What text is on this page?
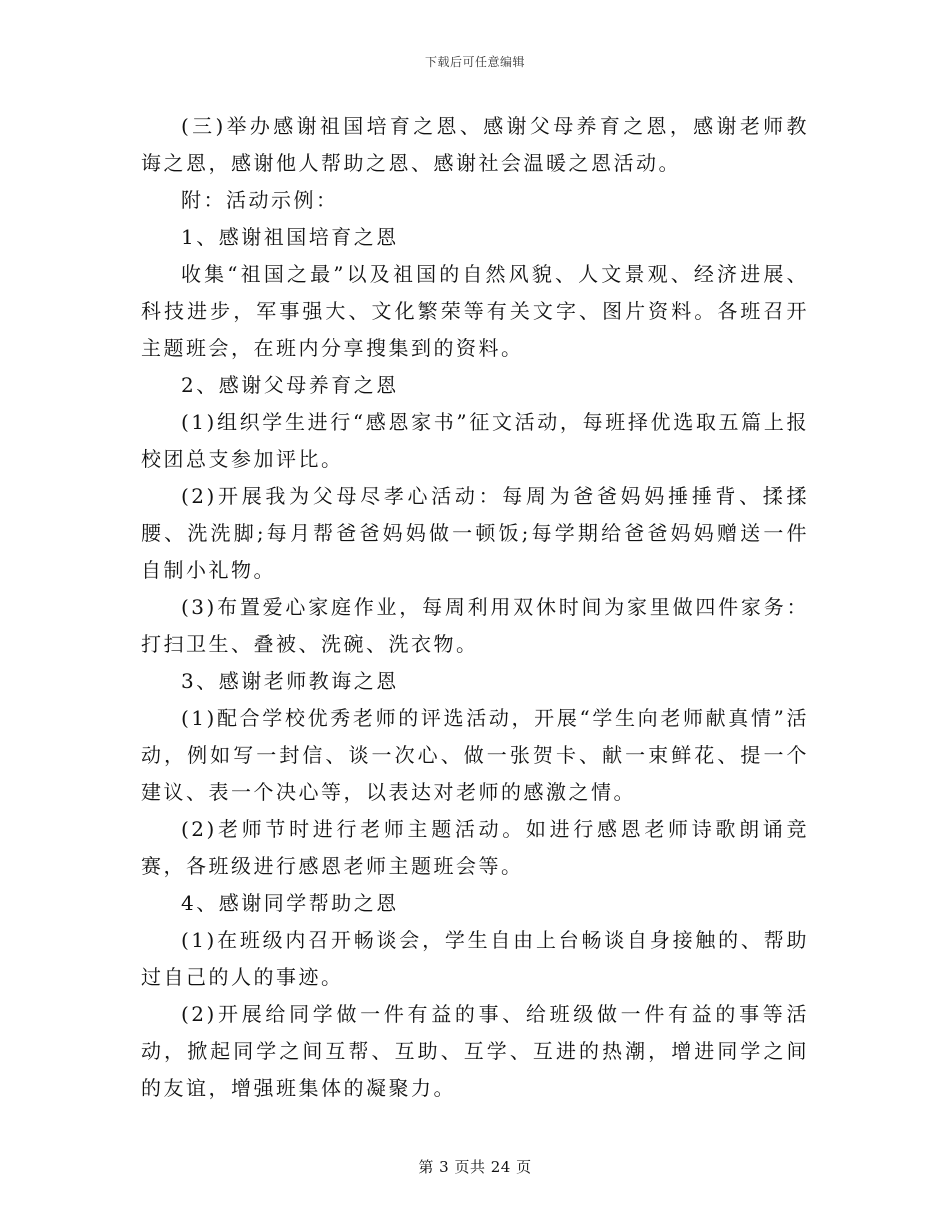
下载后可任意编辑

(三)举办感谢祖国培育之恩、感谢父母养育之恩，感谢老师教诲之恩，感谢他人帮助之恩、感谢社会温暖之恩活动。

附：活动示例：

1、感谢祖国培育之恩

收集“祖国之最”以及祖国的自然风貌、人文景观、经济进展、科技进步，军事强大、文化繁荣等有关文字、图片资料。各班召开主题班会，在班内分享搜集到的资料。

2、感谢父母养育之恩

(1)组织学生进行“感恩家书”征文活动，每班择优选取五篇上报校团总支参加评比。

(2)开展我为父母尽孝心活动：每周为爸爸妈妈捶捶背、揉揉腰、洗洗脚;每月帮爸爸妈妈做一顿饭;每学期给爸爸妈妈赠送一件自制小礼物。

(3)布置爱心家庭作业，每周利用双休时间为家里做四件家务：打扫卫生、叠被、洗碗、洗衣物。

3、感谢老师教诲之恩

(1)配合学校优秀老师的评选活动，开展“学生向老师献真情”活动，例如写一封信、谈一次心、做一张贺卡、献一束鲜花、提一个建议、表一个决心等，以表达对老师的感激之情。

(2)老师节时进行老师主题活动。如进行感恩老师诗歌朗诵竞赛，各班级进行感恩老师主题班会等。

4、感谢同学帮助之恩

(1)在班级内召开畅谈会，学生自由上台畅谈自身接触的、帮助过自己的人的事迹。

(2)开展给同学做一件有益的事、给班级做一件有益的事等活动，掀起同学之间互帮、互助、互学、互进的热潮，增进同学之间的友谊，增强班集体的凝聚力。

第 3 页共 24 页
